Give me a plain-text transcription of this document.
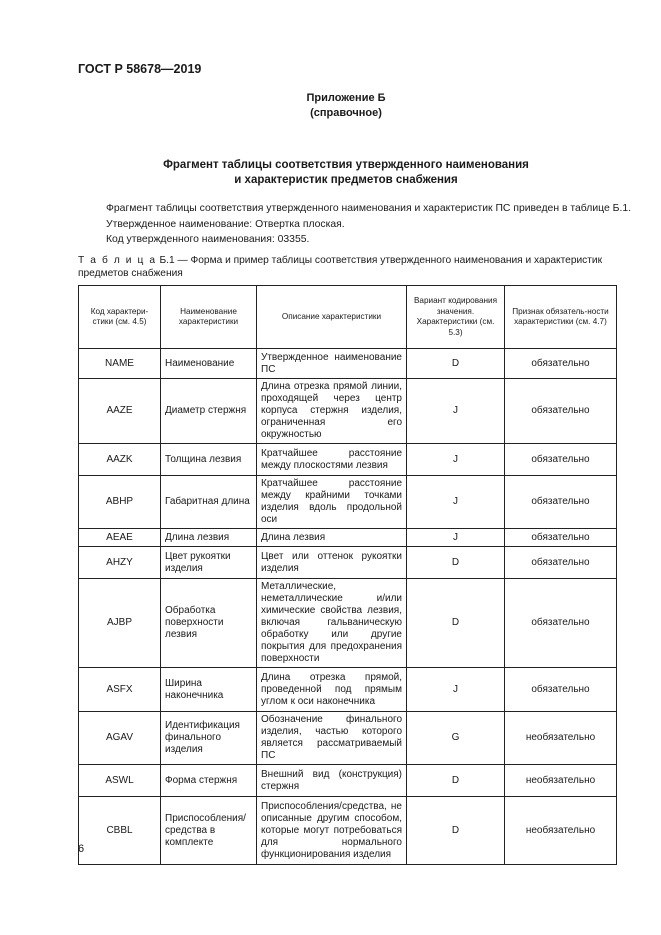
ГОСТ Р 58678—2019
Приложение Б
(справочное)
Фрагмент таблицы соответствия утвержденного наименования
и характеристик предметов снабжения
Фрагмент таблицы соответствия утвержденного наименования и характеристик ПС приведен в таблице Б.1.
Утвержденное наименование: Отвертка плоская.
Код утвержденного наименования: 03355.
Т а б л и ц а Б.1 — Форма и пример таблицы соответствия утвержденного наименования и характеристик предметов снабжения
Код характери-стики (см. 4.5)	Наименование характеристики	Описание характеристики	Вариант кодирования значения. Характеристики (см. 5.3)	Признак обязатель-ности характеристики (см. 4.7)
NAME	Наименование	Утвержденное наименование ПС	D	обязательно
AAZE	Диаметр стержня	Длина отрезка прямой линии, проходящей через центр корпуса стержня изделия, ограниченная его окружностью	J	обязательно
AAZK	Толщина лезвия	Кратчайшее расстояние между плоскостями лезвия	J	обязательно
ABHP	Габаритная длина	Кратчайшее расстояние между крайними точками изделия вдоль продольной оси	J	обязательно
AEAE	Длина лезвия	Длина лезвия	J	обязательно
AHZY	Цвет рукоятки изделия	Цвет или оттенок рукоятки изделия	D	обязательно
AJBP	Обработка поверхности лезвия	Металлические, неметаллические и/или химические свойства лезвия, включая гальваническую обработку или другие покрытия для предохранения поверхности	D	обязательно
ASFX	Ширина наконечника	Длина отрезка прямой, проведенной под прямым углом к оси наконечника	J	обязательно
AGAV	Идентификация финального изделия	Обозначение финального изделия, частью которого является рассматриваемый ПС	G	необязательно
ASWL	Форма стержня	Внешний вид (конструкция) стержня	D	необязательно
CBBL	Приспособления/средства в комплекте	Приспособления/средства, не описанные другим способом, которые могут потребоваться для нормального функционирования изделия	D	необязательно
6
